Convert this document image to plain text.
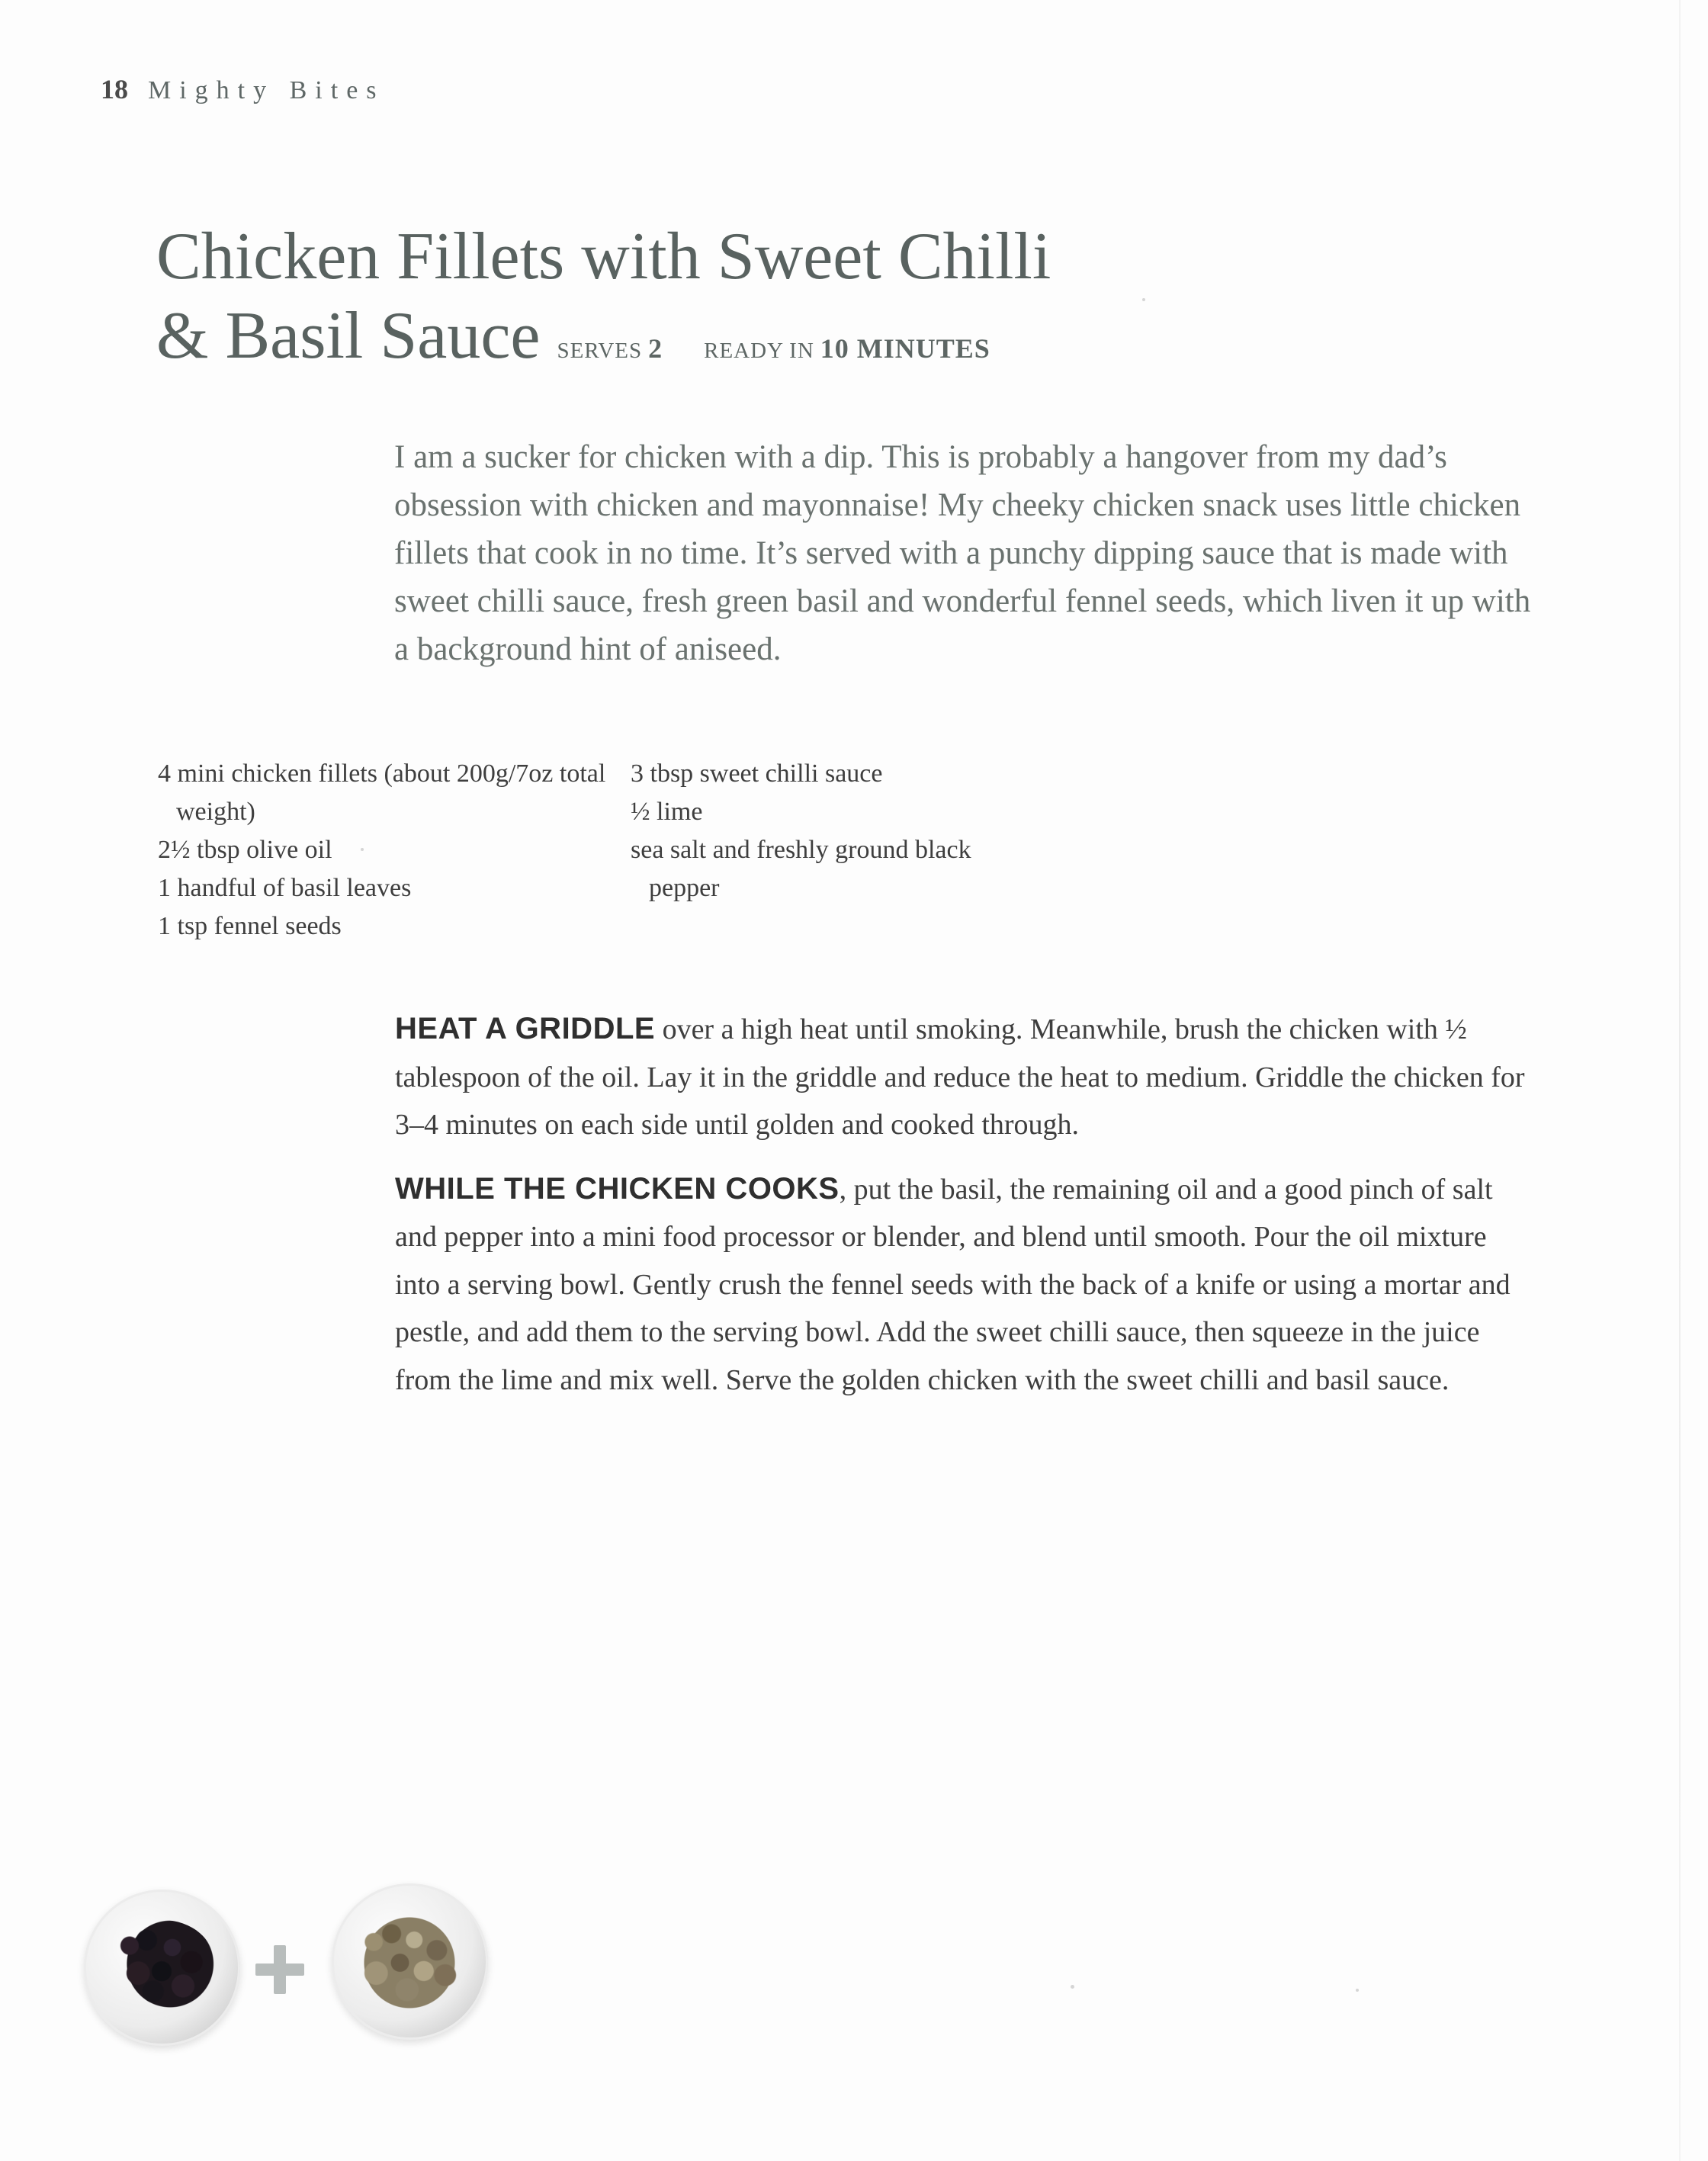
18 Mighty Bites
Chicken Fillets with Sweet Chilli
& Basil Sauce SERVES 2 READY IN 10 MINUTES
I am a sucker for chicken with a dip. This is probably a hangover from my dad’s obsession with chicken and mayonnaise! My cheeky chicken snack uses little chicken fillets that cook in no time. It’s served with a punchy dipping sauce that is made with sweet chilli sauce, fresh green basil and wonderful fennel seeds, which liven it up with a background hint of aniseed.
4 mini chicken fillets (about 200g/7oz total weight)
2½ tbsp olive oil
1 handful of basil leaves
1 tsp fennel seeds
3 tbsp sweet chilli sauce
½ lime
sea salt and freshly ground black pepper

HEAT A GRIDDLE over a high heat until smoking. Meanwhile, brush the chicken with ½ tablespoon of the oil. Lay it in the griddle and reduce the heat to medium. Griddle the chicken for 3–4 minutes on each side until golden and cooked through.

WHILE THE CHICKEN COOKS, put the basil, the remaining oil and a good pinch of salt and pepper into a mini food processor or blender, and blend until smooth. Pour the oil mixture into a serving bowl. Gently crush the fennel seeds with the back of a knife or using a mortar and pestle, and add them to the serving bowl. Add the sweet chilli sauce, then squeeze in the juice from the lime and mix well. Serve the golden chicken with the sweet chilli and basil sauce.
